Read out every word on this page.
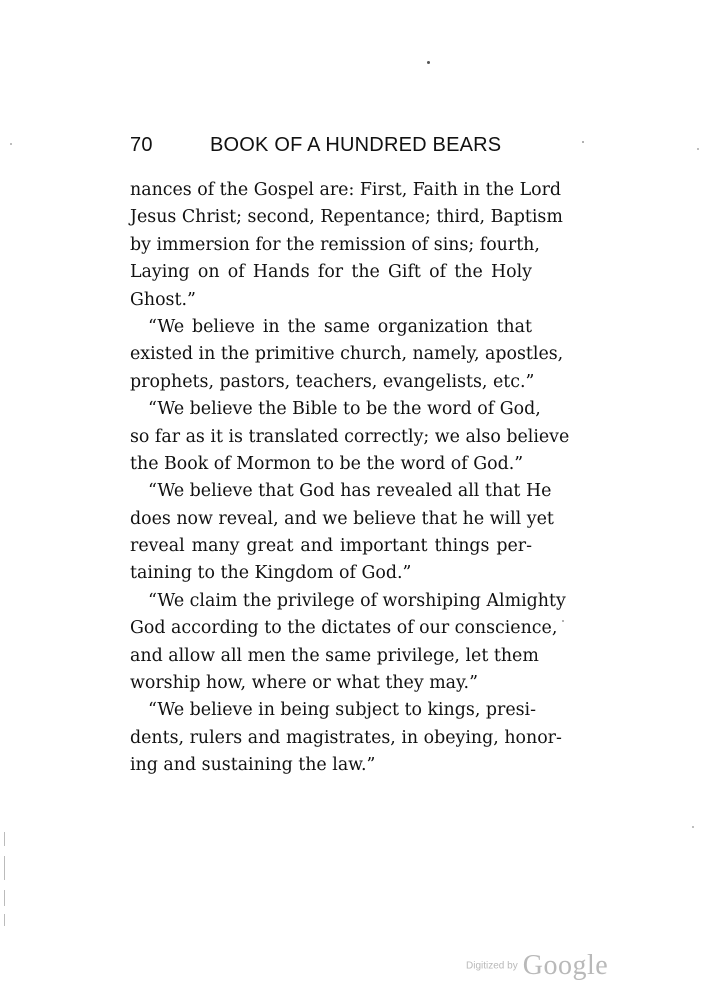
70	BOOK OF A HUNDRED BEARS
nances of the Gospel are: First, Faith in the Lord
Jesus Christ; second, Repentance; third, Baptism
by immersion for the remission of sins; fourth,
Laying on of Hands for the Gift of the Holy
Ghost.”
“We believe in the same organization that
existed in the primitive church, namely, apostles,
prophets, pastors, teachers, evangelists, etc.”
“We believe the Bible to be the word of God,
so far as it is translated correctly; we also believe
the Book of Mormon to be the word of God.”
“We believe that God has revealed all that He
does now reveal, and we believe that he will yet
reveal many great and important things per-
taining to the Kingdom of God.”
“We claim the privilege of worshiping Almighty
God according to the dictates of our conscience,
and allow all men the same privilege, let them
worship how, where or what they may.”
“We believe in being subject to kings, presi-
dents, rulers and magistrates, in obeying, honor-
ing and sustaining the law.”
Digitized by Google
